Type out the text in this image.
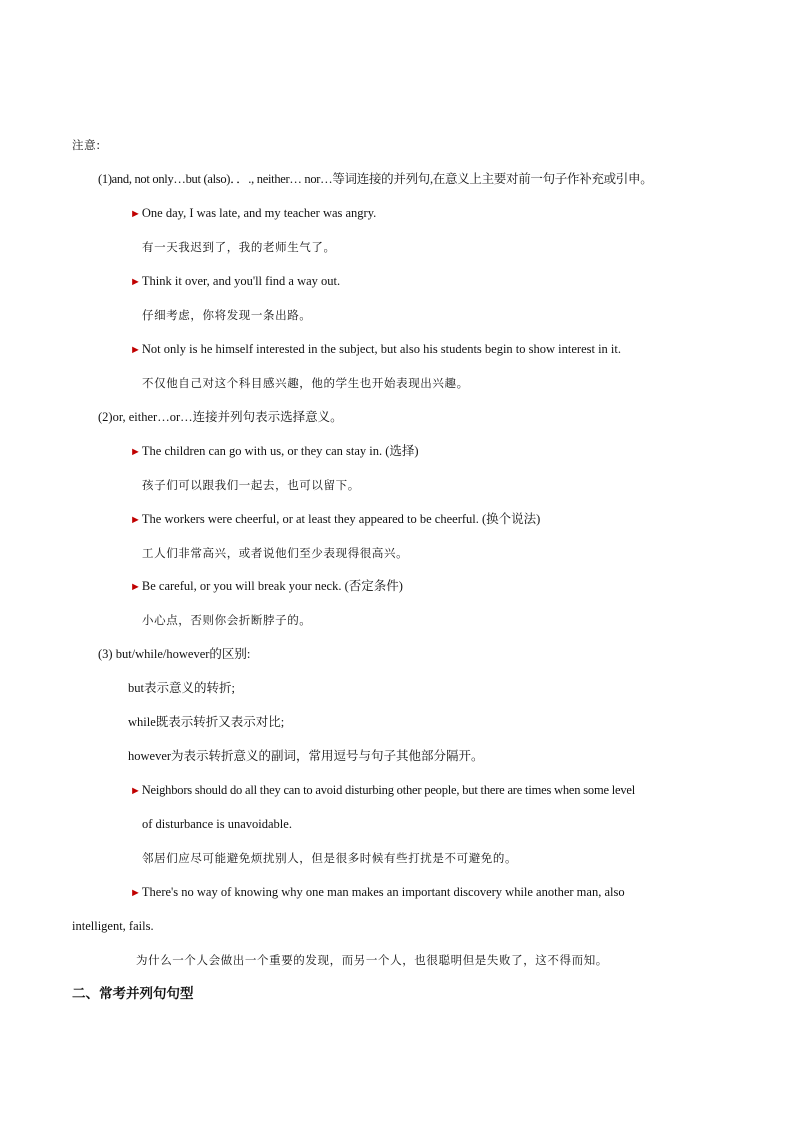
注意:
(1)and, not only…but (also)．．., neither… nor…等词连接的并列句,在意义上主要对前一句子作补充或引申。
►One day, I was late, and my teacher was angry.
有一天我迟到了，我的老师生气了。
►Think it over, and you'll find a way out.
仔细考虑，你将发现一条出路。
►Not only is he himself interested in the subject, but also his students begin to show interest in it.
不仅他自己对这个科目感兴趣，他的学生也开始表现出兴趣。
(2)or, either…or…连接并列句表示选择意义。
►The children can go with us, or they can stay in. (选择)
孩子们可以跟我们一起去，也可以留下。
►The workers were cheerful, or at least they appeared to be cheerful. (换个说法)
工人们非常高兴，或者说他们至少表现得很高兴。
►Be careful, or you will break your neck. (否定条件)
小心点，否则你会折断脖子的。
(3) but/while/however的区别:
but表示意义的转折;
while既表示转折又表示对比;
however为表示转折意义的副词，常用逗号与句子其他部分隔开。
►Neighbors should do all they can to avoid disturbing other people, but there are times when some level
of disturbance is unavoidable.
邻居们应尽可能避免烦扰别人，但是很多时候有些打扰是不可避免的。
►There's no way of knowing why one man makes an important discovery while another man, also
intelligent, fails.
为什么一个人会做出一个重要的发现，而另一个人，也很聪明但是失败了，这不得而知。
二、常考并列句句型
